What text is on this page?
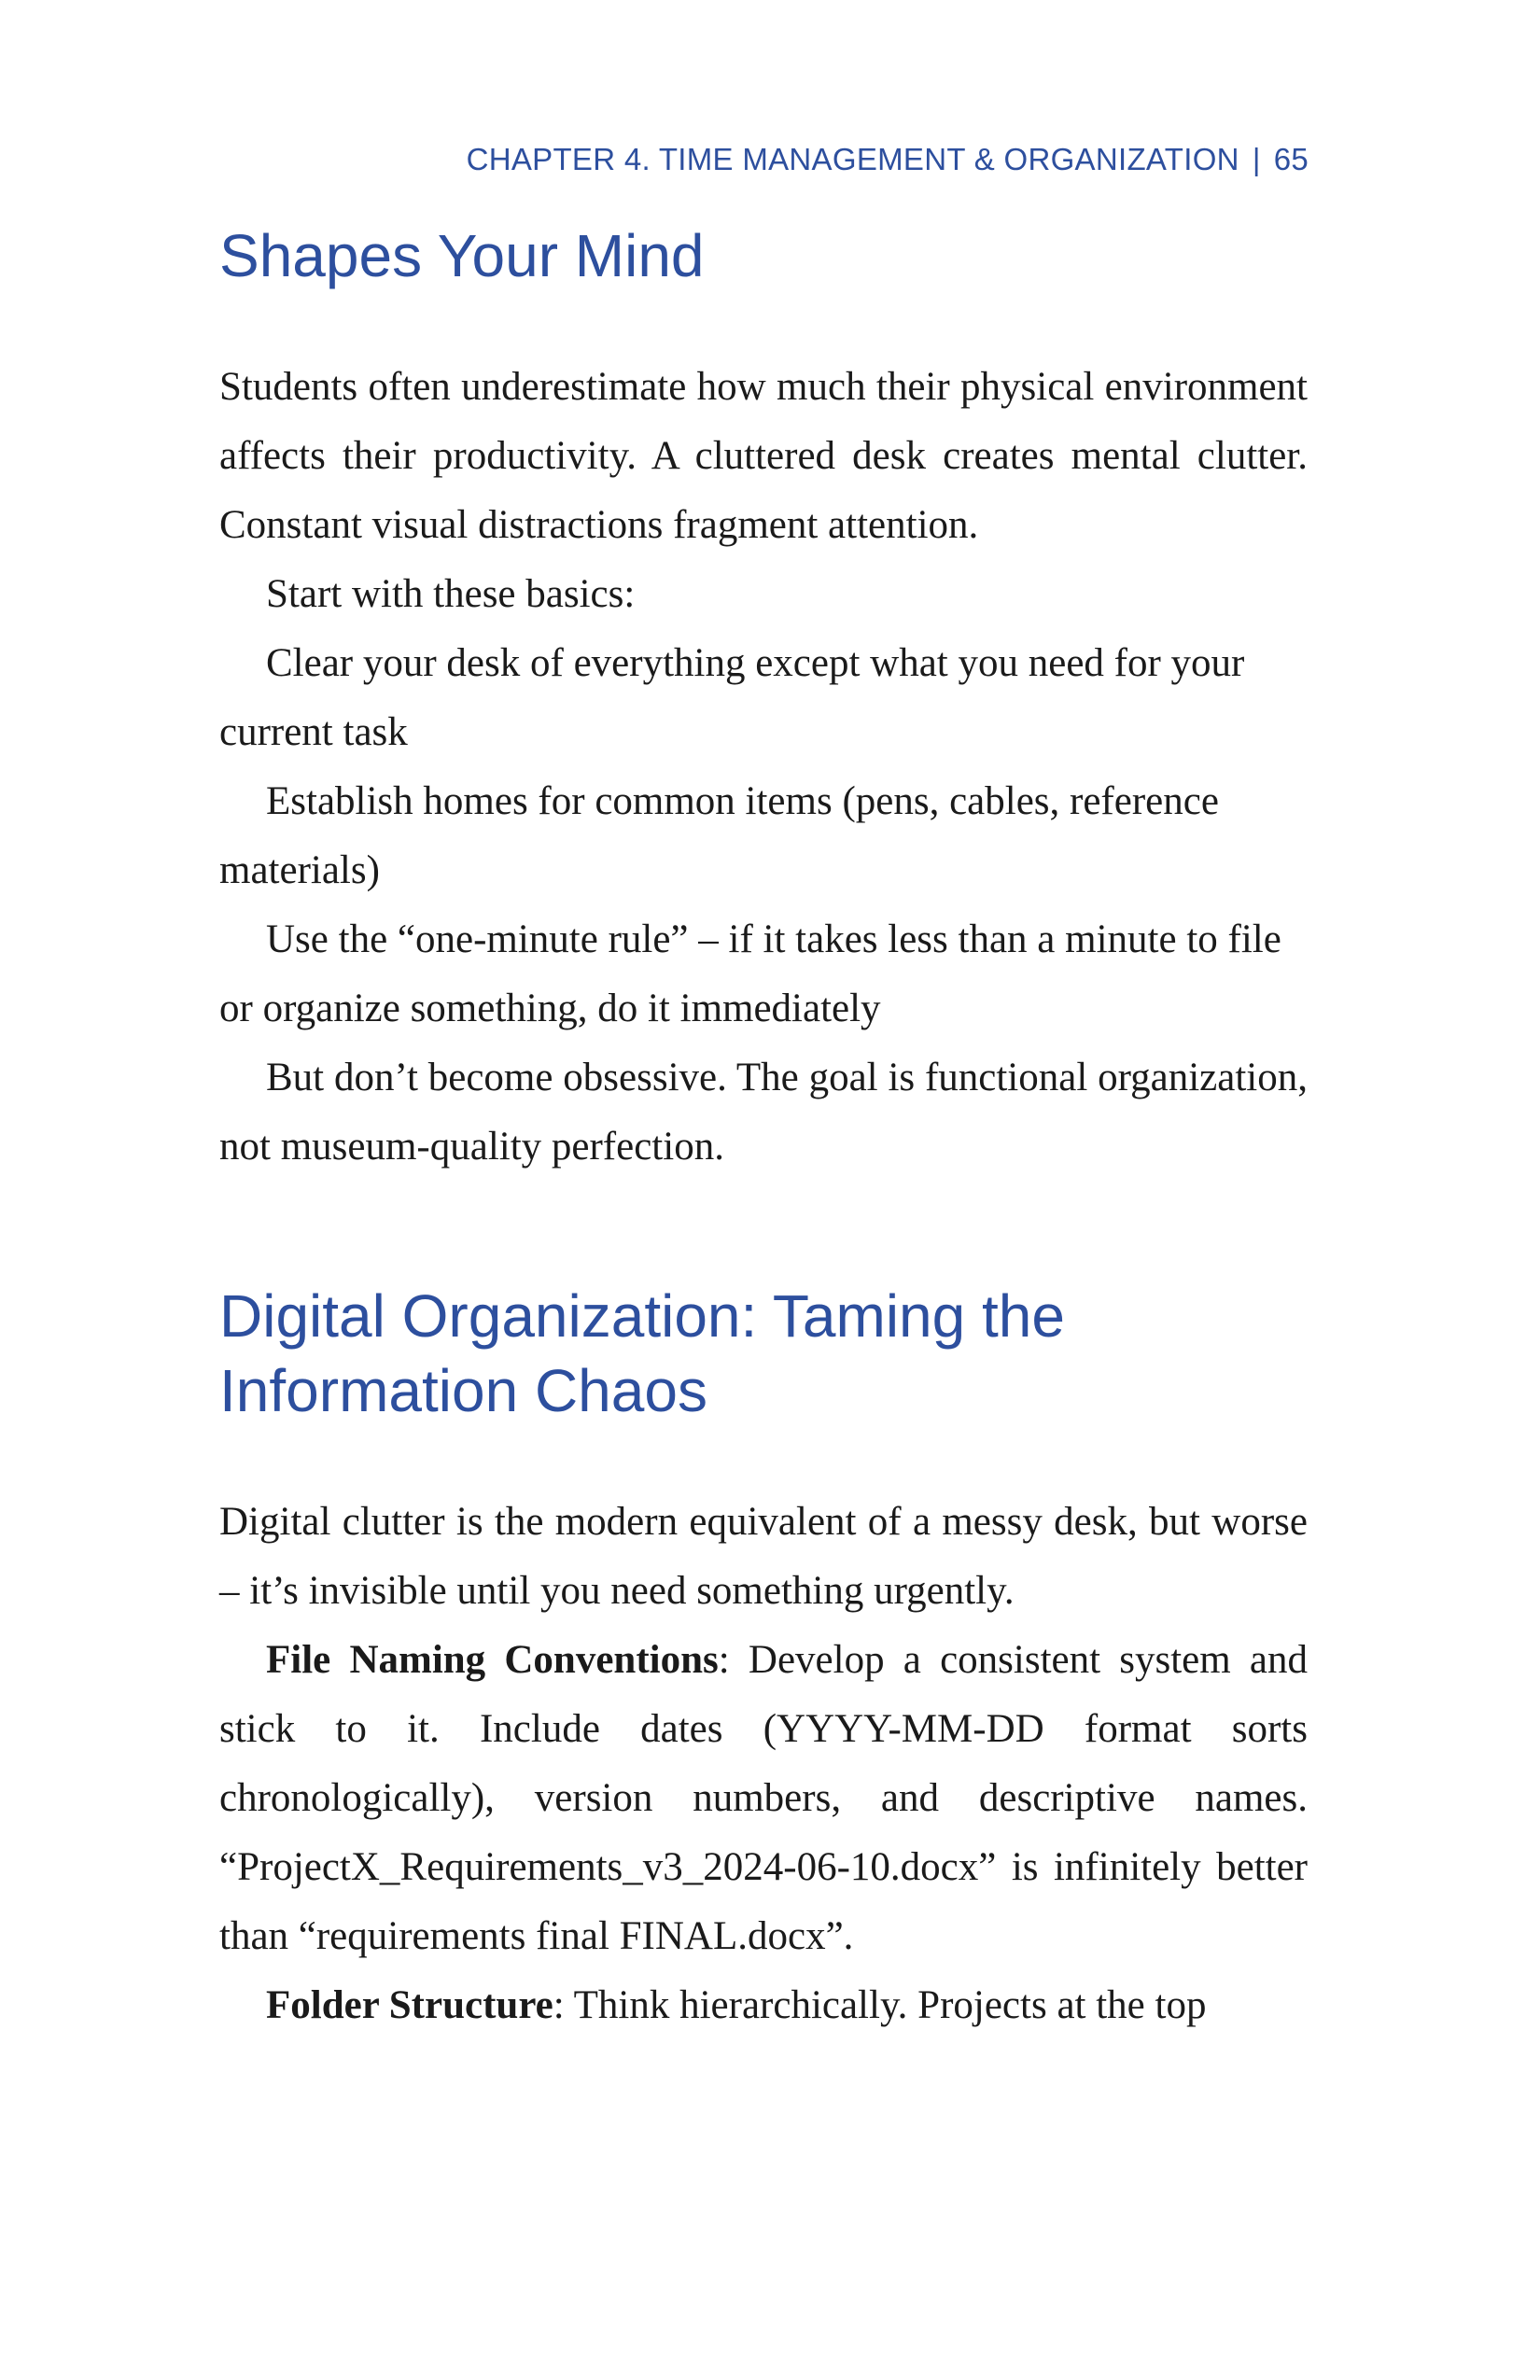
CHAPTER 4. TIME MANAGEMENT & ORGANIZATION | 65
Shapes Your Mind

Students often underestimate how much their physical environment affects their productivity. A cluttered desk creates mental clutter. Constant visual distractions fragment attention.

Start with these basics:

Clear your desk of everything except what you need for your current task

Establish homes for common items (pens, cables, reference materials)

Use the “one-minute rule” – if it takes less than a minute to file or organize something, do it immediately

But don’t become obsessive. The goal is functional organization, not museum-quality perfection.

Digital Organization: Taming the
Information Chaos

Digital clutter is the modern equivalent of a messy desk, but worse – it’s invisible until you need something urgently.

File Naming Conventions: Develop a consistent system and stick to it. Include dates (YYYY-MM-DD format sorts chronologically), version numbers, and descriptive names. “ProjectX_Requirements_v3_2024-06-10.docx” is infinitely better than “requirements final FINAL.docx”.

Folder Structure: Think hierarchically. Projects at the top
